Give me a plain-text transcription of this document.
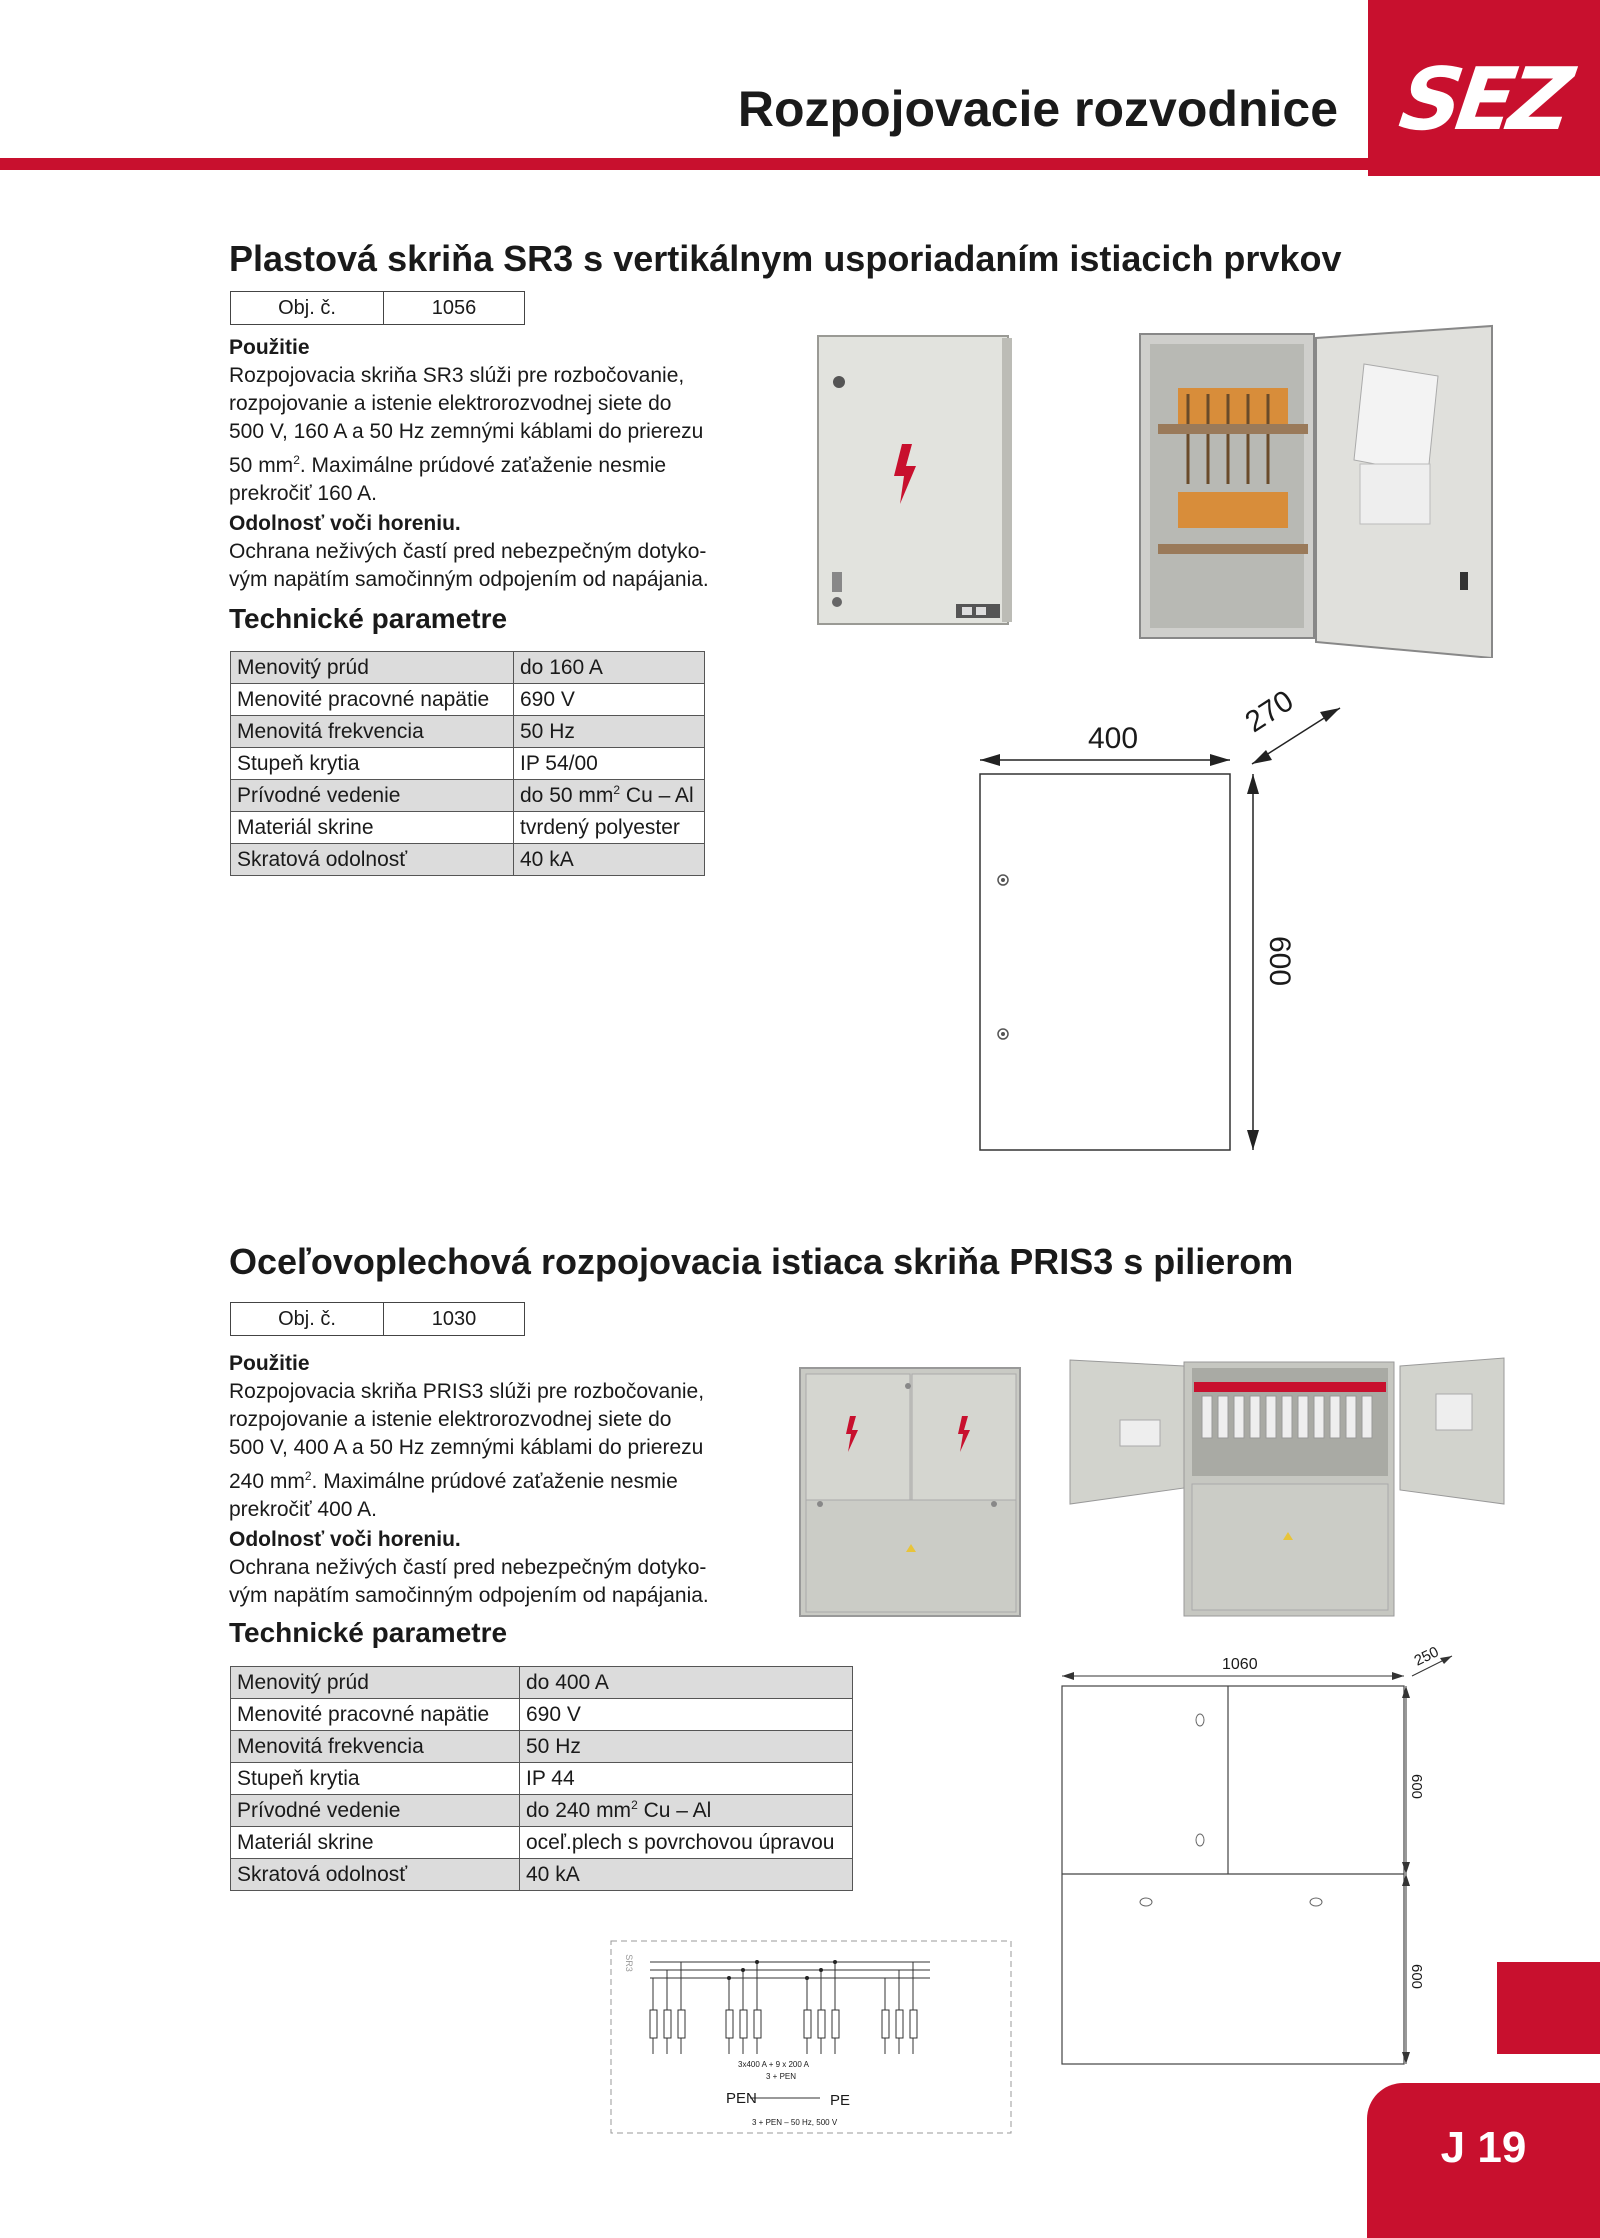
Rozpojovacie rozvodnice SEZ
Plastová skriňa SR3 s vertikálnym usporiadaním istiacich prvkov
Obj. č.	1056
Použitie
Rozpojovacia skriňa SR3 slúži pre rozbočovanie,
rozpojovanie a istenie elektrorozvodnej siete do
500 V, 160 A a 50 Hz zemnými káblami do prierezu
50 $mm^2$. Maximálne prúdové zaťaženie nesmie
prekročiť 160 A.
Odolnosť voči horeniu.
Ochrana neživých častí pred nebezpečným dotyko-
vým napätím samočinným odpojením od napájania.
Technické parametre
Menovitý prúd	do 160 A
Menovité pracovné napätie	690 V
Menovitá frekvencia	50 Hz
Stupeň krytia	IP 54/00
Prívodné vedenie	do 50 $mm^2$ Cu – Al
Materiál skrine	tvrdený polyester
Skratová odolnosť	40 kA
400	270
600
Oceľovoplechová rozpojovacia istiaca skriňa PRIS3 s pilierom
Obj. č.	1030
Použitie
Rozpojovacia skriňa PRIS3 slúži pre rozbočovanie,
rozpojovanie a istenie elektrorozvodnej siete do
500 V, 400 A a 50 Hz zemnými káblami do prierezu
240 $mm^2$. Maximálne prúdové zaťaženie nesmie
prekročiť 400 A.
Odolnosť voči horeniu.
Ochrana neživých častí pred nebezpečným dotyko-
vým napätím samočinným odpojením od napájania.
Technické parametre
Menovitý prúd	do 400 A
Menovité pracovné napätie	690 V
Menovitá frekvencia	50 Hz
Stupeň krytia	IP 44
Prívodné vedenie	do 240 $mm^2$ Cu – Al
Materiál skrine	oceľ.plech s povrchovou úpravou
Skratová odolnosť	40 kA
1060	250
600
600
3x400 A + 9 x 200 A
3 + PEN
PEN	PE
3 + PEN – 50 Hz, 500 V
SR3
J 19
